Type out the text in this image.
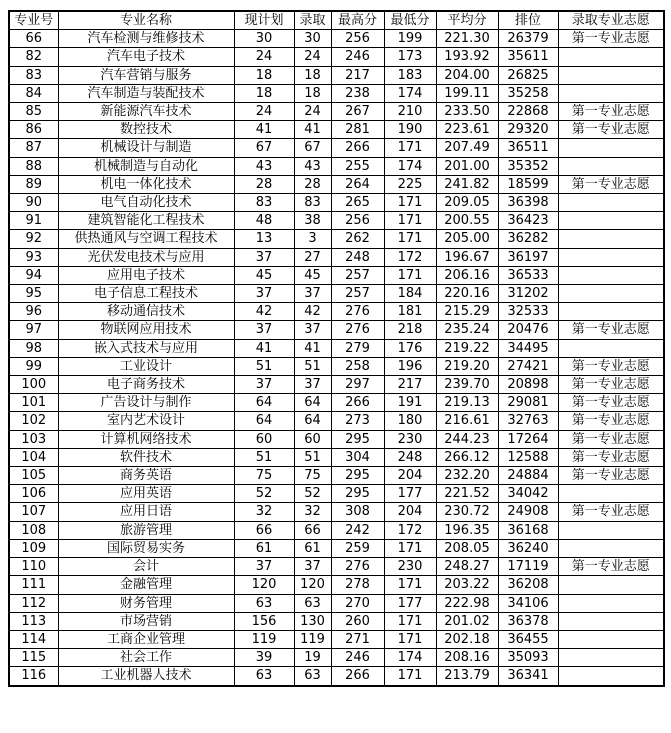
专业号	专业名称	现计划	录取	最高分	最低分	平均分	排位	录取专业志愿
66	汽车检测与维修技术	30	30	256	199	221.30	26379	第一专业志愿
82	汽车电子技术	24	24	246	173	193.92	35611	
83	汽车营销与服务	18	18	217	183	204.00	26825	
84	汽车制造与装配技术	18	18	238	174	199.11	35258	
85	新能源汽车技术	24	24	267	210	233.50	22868	第一专业志愿
86	数控技术	41	41	281	190	223.61	29320	第一专业志愿
87	机械设计与制造	67	67	266	171	207.49	36511	
88	机械制造与自动化	43	43	255	174	201.00	35352	
89	机电一体化技术	28	28	264	225	241.82	18599	第一专业志愿
90	电气自动化技术	83	83	265	171	209.05	36398	
91	建筑智能化工程技术	48	38	256	171	200.55	36423	
92	供热通风与空调工程技术	13	3	262	171	205.00	36282	
93	光伏发电技术与应用	37	27	248	172	196.67	36197	
94	应用电子技术	45	45	257	171	206.16	36533	
95	电子信息工程技术	37	37	257	184	220.16	31202	
96	移动通信技术	42	42	276	181	215.29	32533	
97	物联网应用技术	37	37	276	218	235.24	20476	第一专业志愿
98	嵌入式技术与应用	41	41	279	176	219.22	34495	
99	工业设计	51	51	258	196	219.20	27421	第一专业志愿
100	电子商务技术	37	37	297	217	239.70	20898	第一专业志愿
101	广告设计与制作	64	64	266	191	219.13	29081	第一专业志愿
102	室内艺术设计	64	64	273	180	216.61	32763	第一专业志愿
103	计算机网络技术	60	60	295	230	244.23	17264	第一专业志愿
104	软件技术	51	51	304	248	266.12	12588	第一专业志愿
105	商务英语	75	75	295	204	232.20	24884	第一专业志愿
106	应用英语	52	52	295	177	221.52	34042	
107	应用日语	32	32	308	204	230.72	24908	第一专业志愿
108	旅游管理	66	66	242	172	196.35	36168	
109	国际贸易实务	61	61	259	171	208.05	36240	
110	会计	37	37	276	230	248.27	17119	第一专业志愿
111	金融管理	120	120	278	171	203.22	36208	
112	财务管理	63	63	270	177	222.98	34106	
113	市场营销	156	130	260	171	201.02	36378	
114	工商企业管理	119	119	271	171	202.18	36455	
115	社会工作	39	19	246	174	208.16	35093	
116	工业机器人技术	63	63	266	171	213.79	36341	
